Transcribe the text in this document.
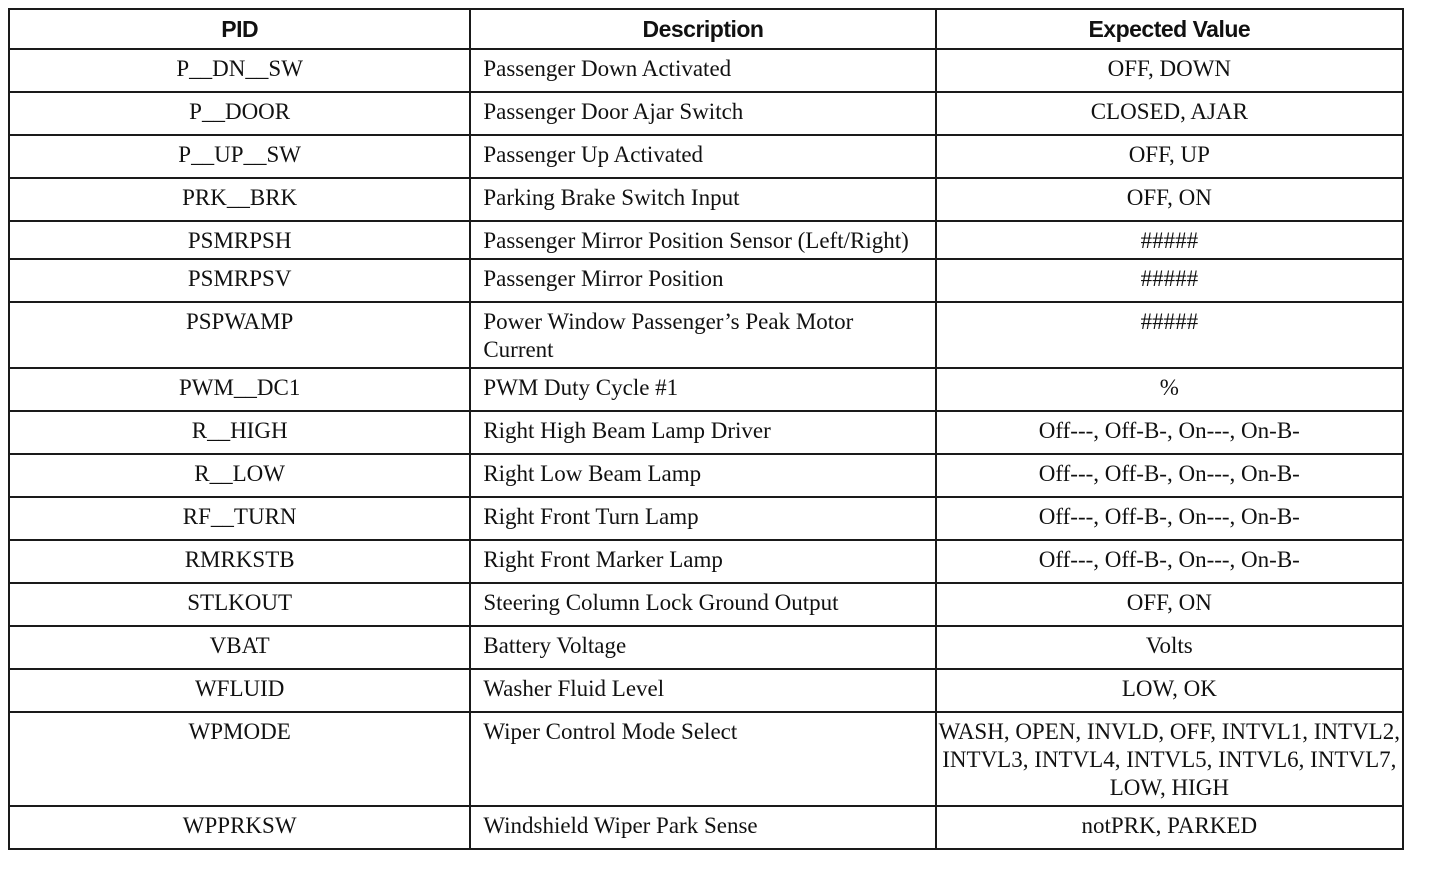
PID	Description	Expected Value
P__DN__SW	Passenger Down Activated	OFF, DOWN
P__DOOR	Passenger Door Ajar Switch	CLOSED, AJAR
P__UP__SW	Passenger Up Activated	OFF, UP
PRK__BRK	Parking Brake Switch Input	OFF, ON
PSMRPSH	Passenger Mirror Position Sensor (Left/Right)	#####
PSMRPSV	Passenger Mirror Position	#####
PSPWAMP	Power Window Passenger’s Peak Motor Current	#####
PWM__DC1	PWM Duty Cycle #1	%
R__HIGH	Right High Beam Lamp Driver	Off---, Off-B-, On---, On-B-
R__LOW	Right Low Beam Lamp	Off---, Off-B-, On---, On-B-
RF__TURN	Right Front Turn Lamp	Off---, Off-B-, On---, On-B-
RMRKSTB	Right Front Marker Lamp	Off---, Off-B-, On---, On-B-
STLKOUT	Steering Column Lock Ground Output	OFF, ON
VBAT	Battery Voltage	Volts
WFLUID	Washer Fluid Level	LOW, OK
WPMODE	Wiper Control Mode Select	WASH, OPEN, INVLD, OFF, INTVL1, INTVL2, INTVL3, INTVL4, INTVL5, INTVL6, INTVL7, LOW, HIGH
WPPRKSW	Windshield Wiper Park Sense	notPRK, PARKED
